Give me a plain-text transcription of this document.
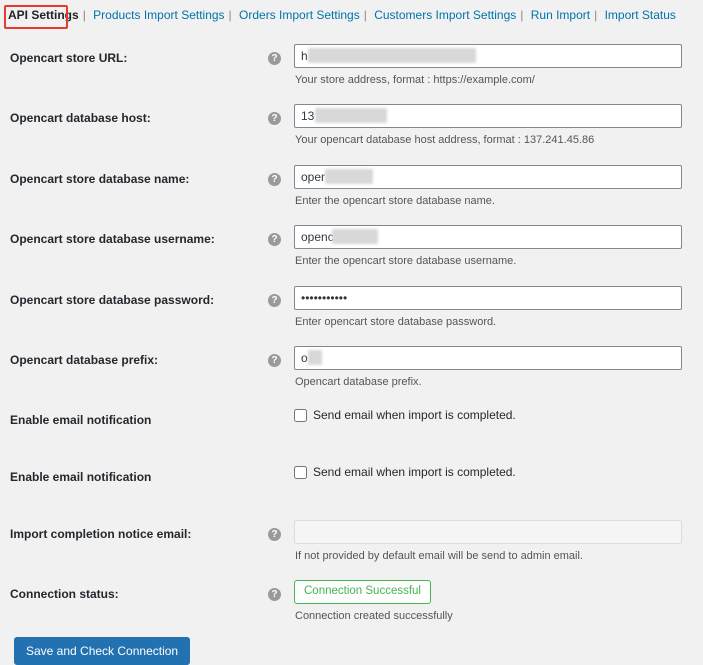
API Settings | Products Import Settings | Orders Import Settings | Customers Import Settings | Run Import | Import Status
Opencart store URL:	?	h
Your store address, format : https://example.com/

Opencart database host:	?	13
Your opencart database host address, format : 137.241.45.86

Opencart store database name:	?	oper
Enter the opencart store database name.

Opencart store database username:	?	openc
Enter the opencart store database username.

Opencart store database password:	?	•••••••••••
Enter opencart store database password.

Opencart database prefix:	?	o
Opencart database prefix.

Enable email notification		Send email when import is completed.

Enable email notification		Send email when import is completed.

Import completion notice email:	?	If not provided by default email will be send to admin email.

Connection status:	?	Connection Successful
Connection created successfully
Save and Check Connection
